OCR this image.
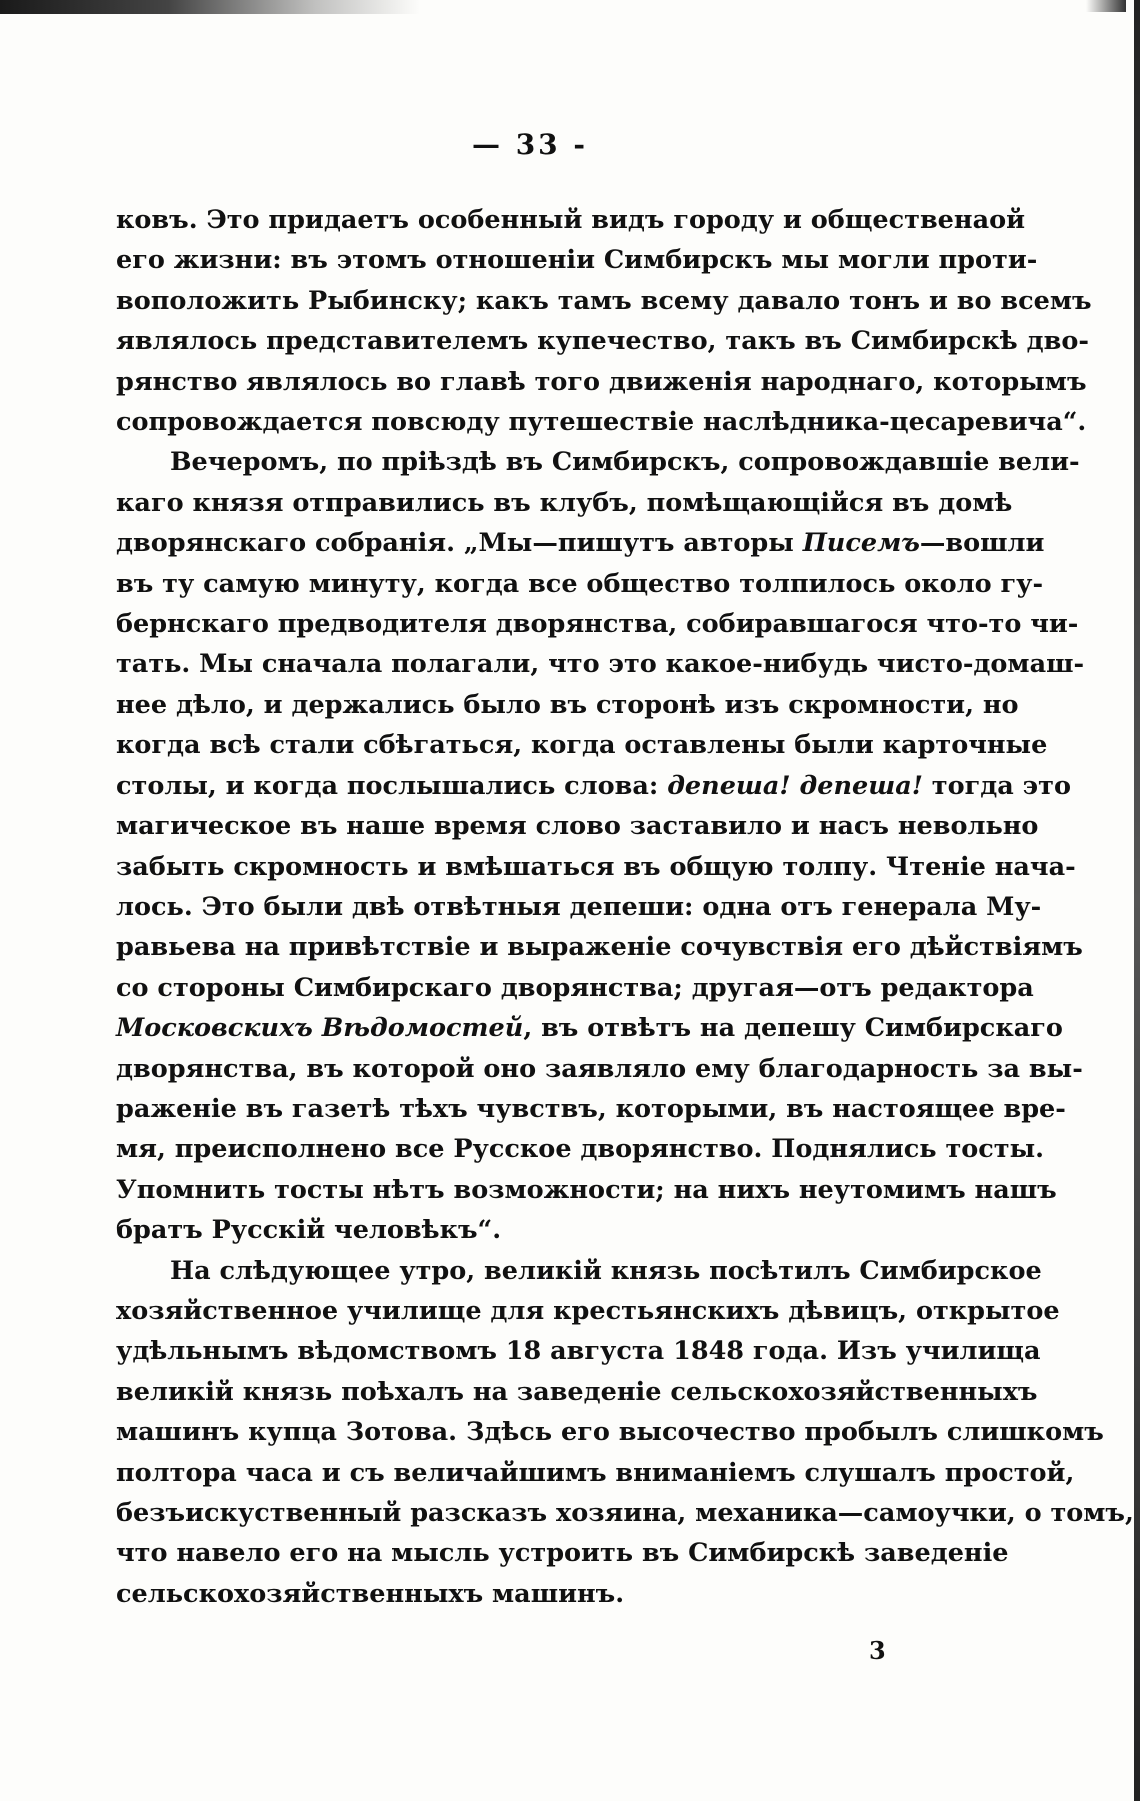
— 33 -
ковъ. Это придаетъ особенный видъ городу и общественаой
его жизни: въ этомъ отношеніи Симбирскъ мы могли проти-
воположить Рыбинску; какъ тамъ всему давало тонъ и во всемъ
являлось представителемъ купечество, такъ въ Симбирскѣ дво-
рянство являлось во главѣ того движенія народнаго, которымъ
сопровождается повсюду путешествіе наслѣдника-цесаревича“.
Вечеромъ, по пріѣздѣ въ Симбирскъ, сопровождавшіе вели-
каго князя отправились въ клубъ, помѣщающійся въ домѣ
дворянскаго собранія. „Мы—пишутъ авторы Писемъ—вошли
въ ту самую минуту, когда все общество толпилось около гу-
бернскаго предводителя дворянства, собиравшагося что-то чи-
тать. Мы сначала полагали, что это какое-нибудь чисто-домаш-
нее дѣло, и держались было въ сторонѣ изъ скромности, но
когда всѣ стали сбѣгаться, когда оставлены были карточные
столы, и когда послышались слова: депеша! депеша! тогда это
магическое въ наше время слово заставило и насъ невольно
забыть скромность и вмѣшаться въ общую толпу. Чтеніе нача-
лось. Это были двѣ отвѣтныя депеши: одна отъ генерала Му-
равьева на привѣтствіе и выраженіе сочувствія его дѣйствіямъ
со стороны Симбирскаго дворянства; другая—отъ редактора
Московскихъ Вѣдомостей, въ отвѣтъ на депешу Симбирскаго
дворянства, въ которой оно заявляло ему благодарность за вы-
раженіе въ газетѣ тѣхъ чувствъ, которыми, въ настоящее вре-
мя, преисполнено все Русское дворянство. Поднялись тосты.
Упомнить тосты нѣтъ возможности; на нихъ неутомимъ нашъ
братъ Русскій человѣкъ“.
На слѣдующее утро, великій князь посѣтилъ Симбирское
хозяйственное училище для крестьянскихъ дѣвицъ, открытое
удѣльнымъ вѣдомствомъ 18 августа 1848 года. Изъ училища
великій князь поѣхалъ на заведеніе сельскохозяйственныхъ
машинъ купца Зотова. Здѣсь его высочество пробылъ слишкомъ
полтора часа и съ величайшимъ вниманіемъ слушалъ простой,
безъискуственный разсказъ хозяина, механика—самоучки, о томъ,
что навело его на мысль устроить въ Симбирскѣ заведеніе
сельскохозяйственныхъ машинъ.
3
